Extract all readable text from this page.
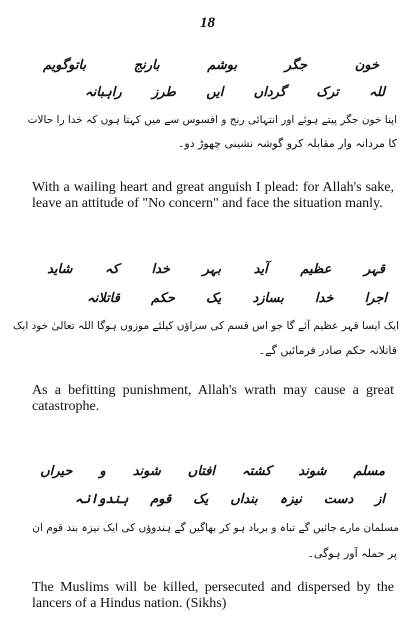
18
خون
جگر
بوشم
بارنج
باتوگویم
للہ
ترک
گرداں
ایں
طرز
راہبانہ
اپنا خون جگر پیتے ہوئے اور انتہائی رنج و افسوس سے میں کہتا ہوں کہ خدا را حالات
کا مردانہ وار مقابلہ کرو گوشہ نشینی چھوڑ دو۔
With a wailing heart and great anguish I plead: for Allah's sake, leave an attitude of "No concern" and face the situation manly.
قہر
عظیم
آید
بہر
خدا
کہ
شاید
اجرا
خدا
بسازد
یک
حکم
قاتلانہ
ایک ایسا قہر عظیم آئے گا جو اس قسم کی سزاؤں کیلئے موزوں ہوگا اللہ تعالیٰ خود ایک
قاتلانہ حکم صادر فرمائیں گے۔
As a befitting punishment, Allah's wrath may cause a great catastrophe.
مسلم
شوند
کشتہ
افتاں
شوند
و
حیراں
از
دست
نیزہ
بنداں
یک
قوم
ہندوانہ
مسلمان مارے جائیں گے تباہ و برباد ہو کر بھاگیں گے ہندوؤں کی ایک نیزہ بند قوم ان
پر حملہ آور ہوگی۔
The Muslims will be killed, persecuted and dispersed by the lancers of a Hindus nation. (Sikhs)
